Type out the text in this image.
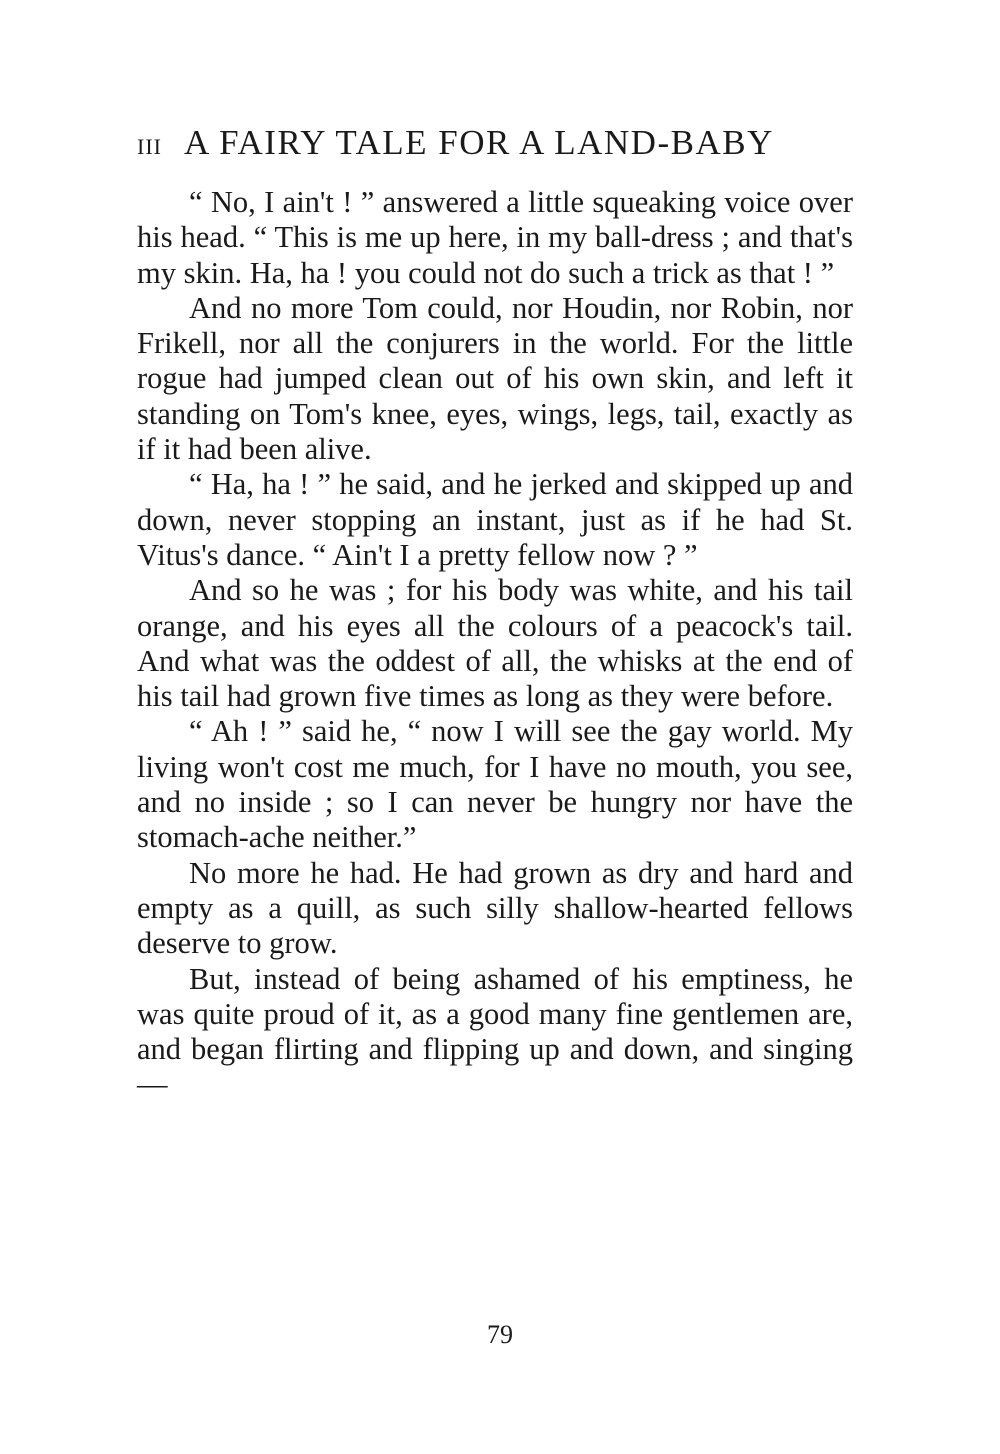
III A FAIRY TALE FOR A LAND-BABY

“ No, I ain't ! ” answered a little squeaking voice over his head. “ This is me up here, in my ball-dress ; and that's my skin. Ha, ha ! you could not do such a trick as that ! ”

And no more Tom could, nor Houdin, nor Robin, nor Frikell, nor all the conjurers in the world. For the little rogue had jumped clean out of his own skin, and left it standing on Tom's knee, eyes, wings, legs, tail, exactly as if it had been alive.

“ Ha, ha ! ” he said, and he jerked and skipped up and down, never stopping an instant, just as if he had St. Vitus's dance. “ Ain't I a pretty fellow now ? ”

And so he was ; for his body was white, and his tail orange, and his eyes all the colours of a peacock's tail. And what was the oddest of all, the whisks at the end of his tail had grown five times as long as they were before.

“ Ah ! ” said he, “ now I will see the gay world. My living won't cost me much, for I have no mouth, you see, and no inside ; so I can never be hungry nor have the stomach-ache neither.”

No more he had. He had grown as dry and hard and empty as a quill, as such silly shallow-hearted fellows deserve to grow.

But, instead of being ashamed of his emptiness, he was quite proud of it, as a good many fine gentlemen are, and began flirting and flipping up and down, and singing—

79
